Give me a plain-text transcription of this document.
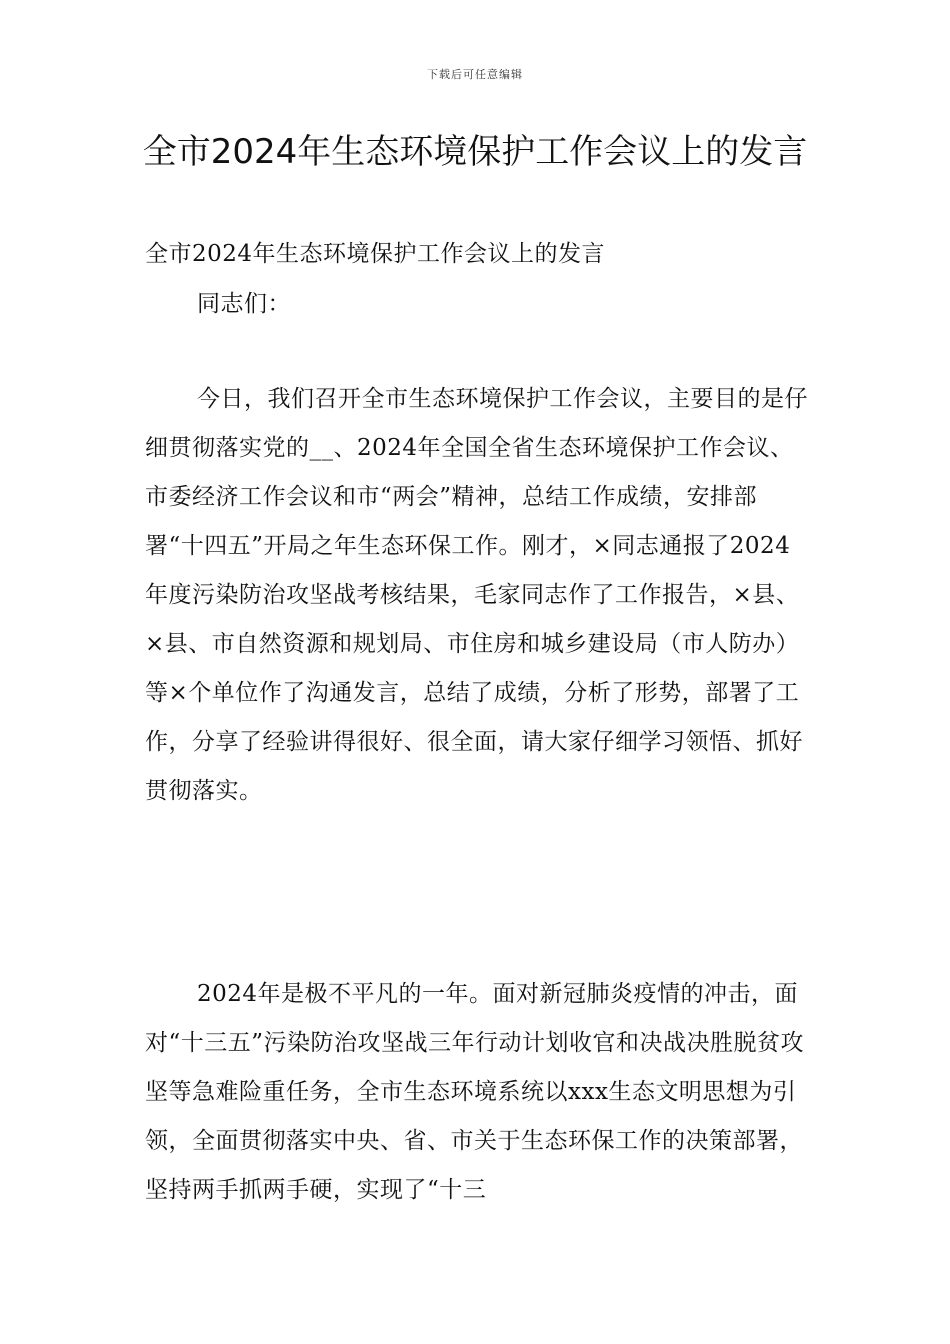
下载后可任意编辑
全市2024年生态环境保护工作会议上的发言
全市2024年生态环境保护工作会议上的发言
同志们：

今日，我们召开全市生态环境保护工作会议，主要目的是仔细贯彻落实党的__、2024年全国全省生态环境保护工作会议、市委经济工作会议和市“两会”精神，总结工作成绩，安排部署“十四五”开局之年生态环保工作。刚才，×同志通报了2024年度污染防治攻坚战考核结果，毛家同志作了工作报告，×县、×县、市自然资源和规划局、市住房和城乡建设局（市人防办）等×个单位作了沟通发言，总结了成绩，分析了形势，部署了工作，分享了经验讲得很好、很全面，请大家仔细学习领悟、抓好贯彻落实。

2024年是极不平凡的一年。面对新冠肺炎疫情的冲击，面对“十三五”污染防治攻坚战三年行动计划收官和决战决胜脱贫攻坚等急难险重任务，全市生态环境系统以xxx生态文明思想为引领，全面贯彻落实中央、省、市关于生态环保工作的决策部署，坚持两手抓两手硬，实现了“十三
